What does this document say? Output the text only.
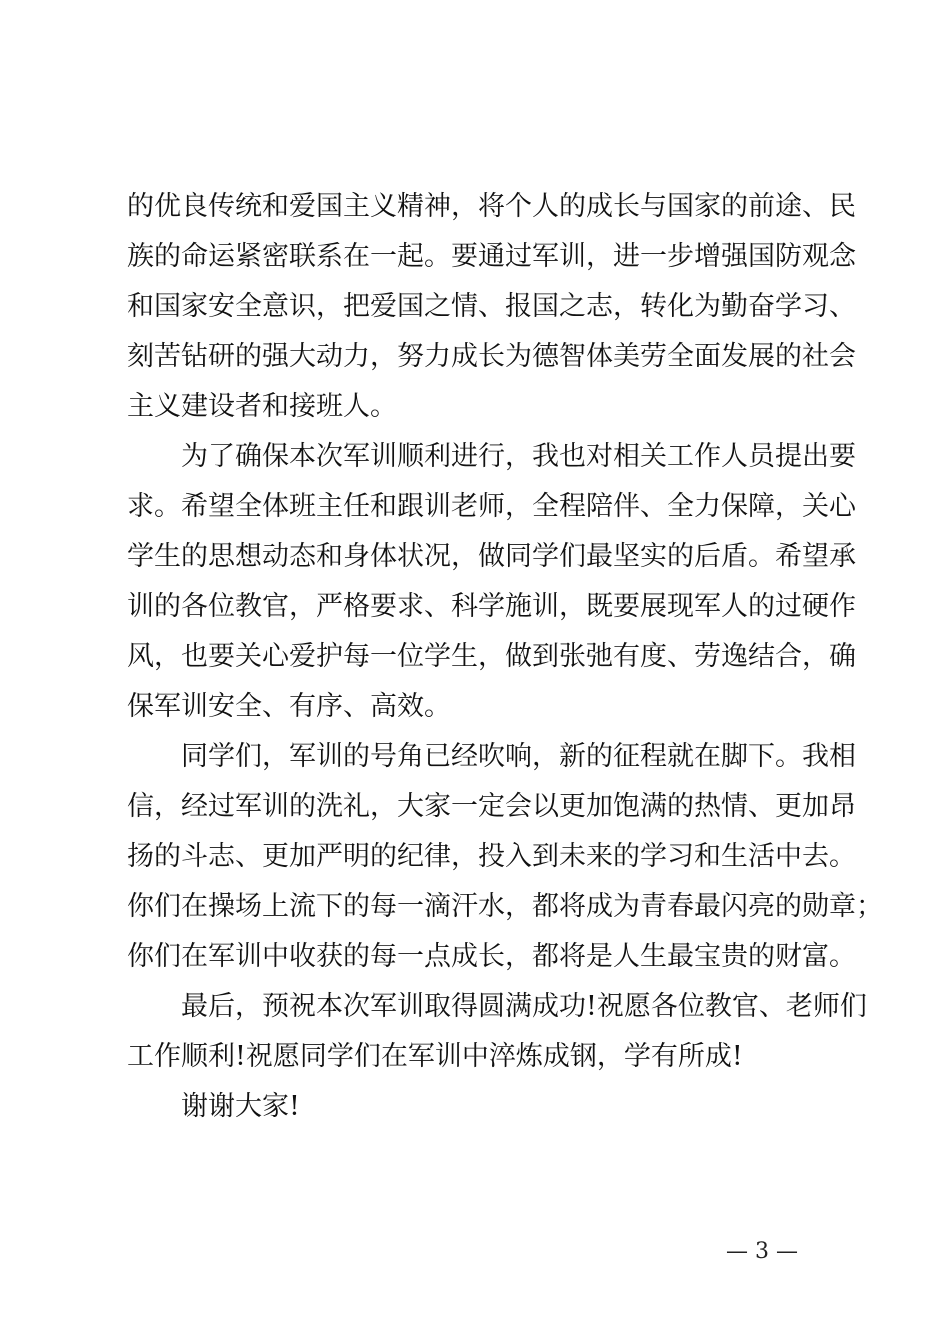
的优良传统和爱国主义精神，将个人的成长与国家的前途、民
族的命运紧密联系在一起。要通过军训，进一步增强国防观念
和国家安全意识，把爱国之情、报国之志，转化为勤奋学习、
刻苦钻研的强大动力，努力成长为德智体美劳全面发展的社会
主义建设者和接班人。
　　为了确保本次军训顺利进行，我也对相关工作人员提出要
求。希望全体班主任和跟训老师，全程陪伴、全力保障，关心
学生的思想动态和身体状况，做同学们最坚实的后盾。希望承
训的各位教官，严格要求、科学施训，既要展现军人的过硬作
风，也要关心爱护每一位学生，做到张弛有度、劳逸结合，确
保军训安全、有序、高效。
　　同学们，军训的号角已经吹响，新的征程就在脚下。我相
信，经过军训的洗礼，大家一定会以更加饱满的热情、更加昂
扬的斗志、更加严明的纪律，投入到未来的学习和生活中去。
你们在操场上流下的每一滴汗水，都将成为青春最闪亮的勋章；
你们在军训中收获的每一点成长，都将是人生最宝贵的财富。
　　最后，预祝本次军训取得圆满成功!祝愿各位教官、老师们
工作顺利!祝愿同学们在军训中淬炼成钢，学有所成!
　　谢谢大家!
— 3 —
